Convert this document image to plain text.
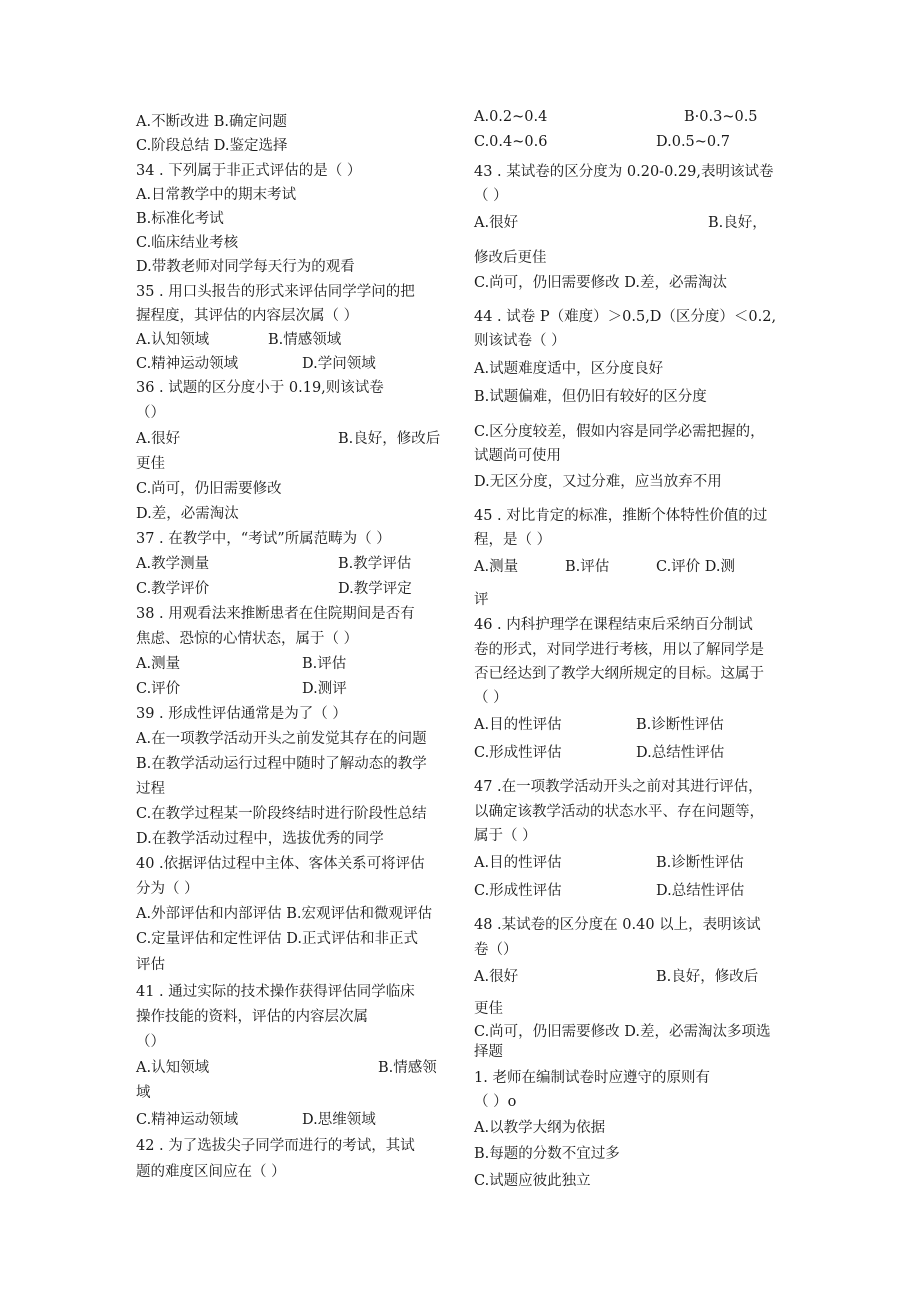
A.不断改进 B.确定问题
C.阶段总结 D.鉴定选择
34 . 下列属于非正式评估的是（ ）
A.日常教学中的期末考试
B.标准化考试
C.临床结业考核
D.带教老师对同学每天行为的观看
35 . 用口头报告的形式来评估同学学问的把
握程度，其评估的内容层次属（ ）
A.认知领域	B.情感领域
C.精神运动领域	D.学问领域
36 . 试题的区分度小于 0.19,则该试卷
（）
A.很好	B.良好，修改后
更佳
C.尚可，仍旧需要修改
D.差，必需淘汰
37 . 在教学中，“考试”所属范畴为（ ）
A.教学测量	B.教学评估
C.教学评价	D.教学评定
38 . 用观看法来推断患者在住院期间是否有
焦虑、恐惊的心情状态，属于（ ）
A.测量	B.评估
C.评价	D.测评
39 . 形成性评估通常是为了（ ）
A.在一项教学活动开头之前发觉其存在的问题
B.在教学活动运行过程中随时了解动态的教学
过程
C.在教学过程某一阶段终结时进行阶段性总结
D.在教学活动过程中，选拔优秀的同学
40 .依据评估过程中主体、客体关系可将评估
分为（ ）
A.外部评估和内部评估 B.宏观评估和微观评估
C.定量评估和定性评估 D.正式评估和非正式
评估
41 . 通过实际的技术操作获得评估同学临床
操作技能的资料，评估的内容层次属
（）
A.认知领域	B.情感领
域
C.精神运动领域	D.思维领域
42 . 为了选拔尖子同学而进行的考试，其试
题的难度区间应在（ ）
A.0.2~0.4	B·0.3~0.5
C.0.4~0.6	D.0.5~0.7
43 . 某试卷的区分度为 0.20-0.29,表明该试卷
（ ）
A.很好	B.良好，
修改后更佳
C.尚可，仍旧需要修改 D.差，必需淘汰
44 . 试卷 P（难度）＞0.5,D（区分度）＜0.2,
则该试卷（ ）
A.试题难度适中，区分度良好
B.试题偏难，但仍旧有较好的区分度
C.区分度较差，假如内容是同学必需把握的，
试题尚可使用
D.无区分度，又过分难，应当放弃不用
45 . 对比肯定的标准，推断个体特性价值的过
程，是（ ）
A.测量	B.评估	C.评价 D.测
评
46 . 内科护理学在课程结束后采纳百分制试
卷的形式，对同学进行考核，用以了解同学是
否已经达到了教学大纲所规定的目标。这属于
（ ）
A.目的性评估	B.诊断性评估
C.形成性评估	D.总结性评估
47 .在一项教学活动开头之前对其进行评估，
以确定该教学活动的状态水平、存在问题等，
属于（ ）
A.目的性评估	B.诊断性评估
C.形成性评估	D.总结性评估
48 .某试卷的区分度在 0.40 以上，表明该试
卷（）
A.很好	B.良好，修改后
更佳
C.尚可，仍旧需要修改 D.差，必需淘汰多项选
择题
1. 老师在编制试卷时应遵守的原则有
（ ）o
A.以教学大纲为依据
B.每题的分数不宜过多
C.试题应彼此独立
